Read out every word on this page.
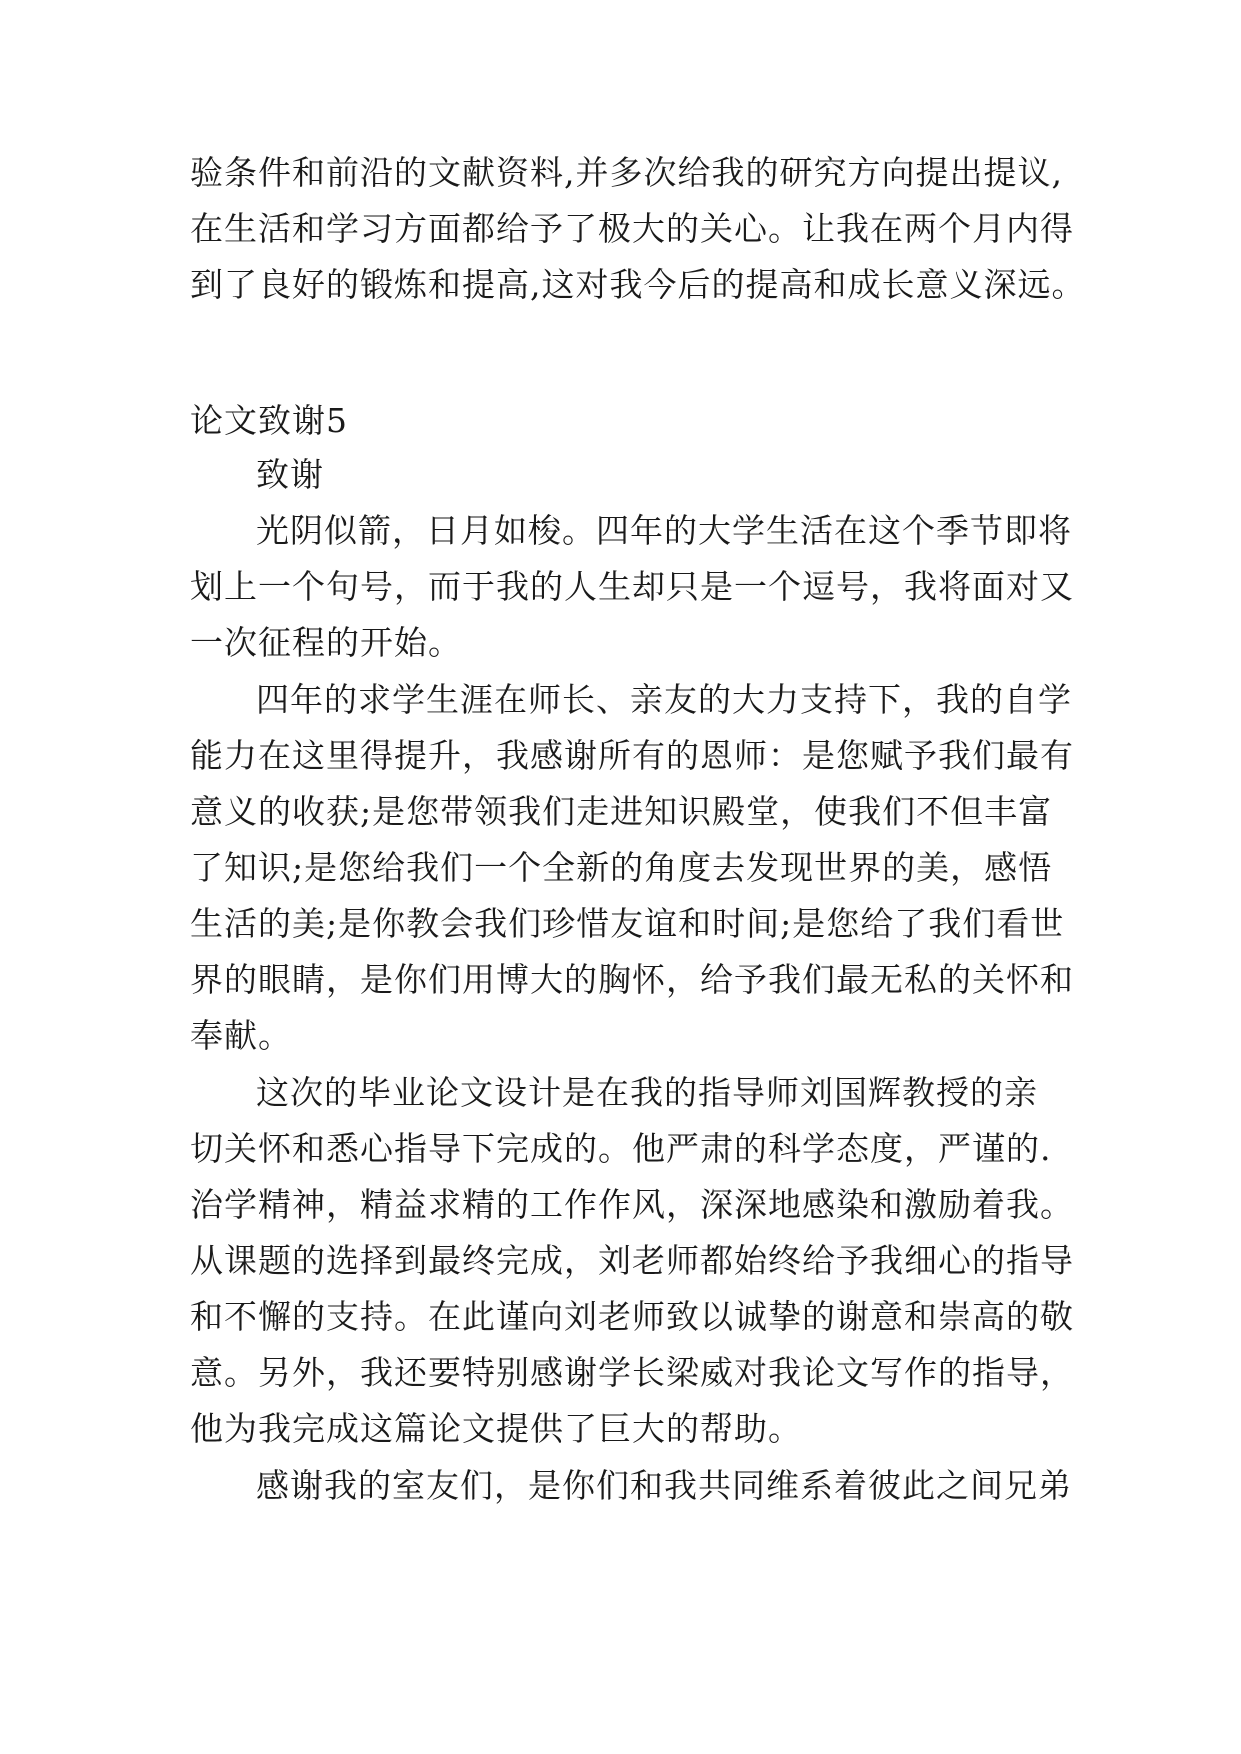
验条件和前沿的文献资料,并多次给我的研究方向提出提议,
在生活和学习方面都给予了极大的关心。让我在两个月内得
到了良好的锻炼和提高,这对我今后的提高和成长意义深远。
论文致谢5
致谢
光阴似箭，日月如梭。四年的大学生活在这个季节即将
划上一个句号，而于我的人生却只是一个逗号，我将面对又
一次征程的开始。
四年的求学生涯在师长、亲友的大力支持下，我的自学
能力在这里得提升，我感谢所有的恩师：是您赋予我们最有
意义的收获;是您带领我们走进知识殿堂，使我们不但丰富
了知识;是您给我们一个全新的角度去发现世界的美，感悟
生活的美;是你教会我们珍惜友谊和时间;是您给了我们看世
界的眼睛，是你们用博大的胸怀，给予我们最无私的关怀和
奉献。
这次的毕业论文设计是在我的指导师刘国辉教授的亲
切关怀和悉心指导下完成的。他严肃的科学态度，严谨的.
治学精神，精益求精的工作作风，深深地感染和激励着我。
从课题的选择到最终完成，刘老师都始终给予我细心的指导
和不懈的支持。在此谨向刘老师致以诚挚的谢意和崇高的敬
意。另外，我还要特别感谢学长梁威对我论文写作的指导，
他为我完成这篇论文提供了巨大的帮助。
感谢我的室友们，是你们和我共同维系着彼此之间兄弟
